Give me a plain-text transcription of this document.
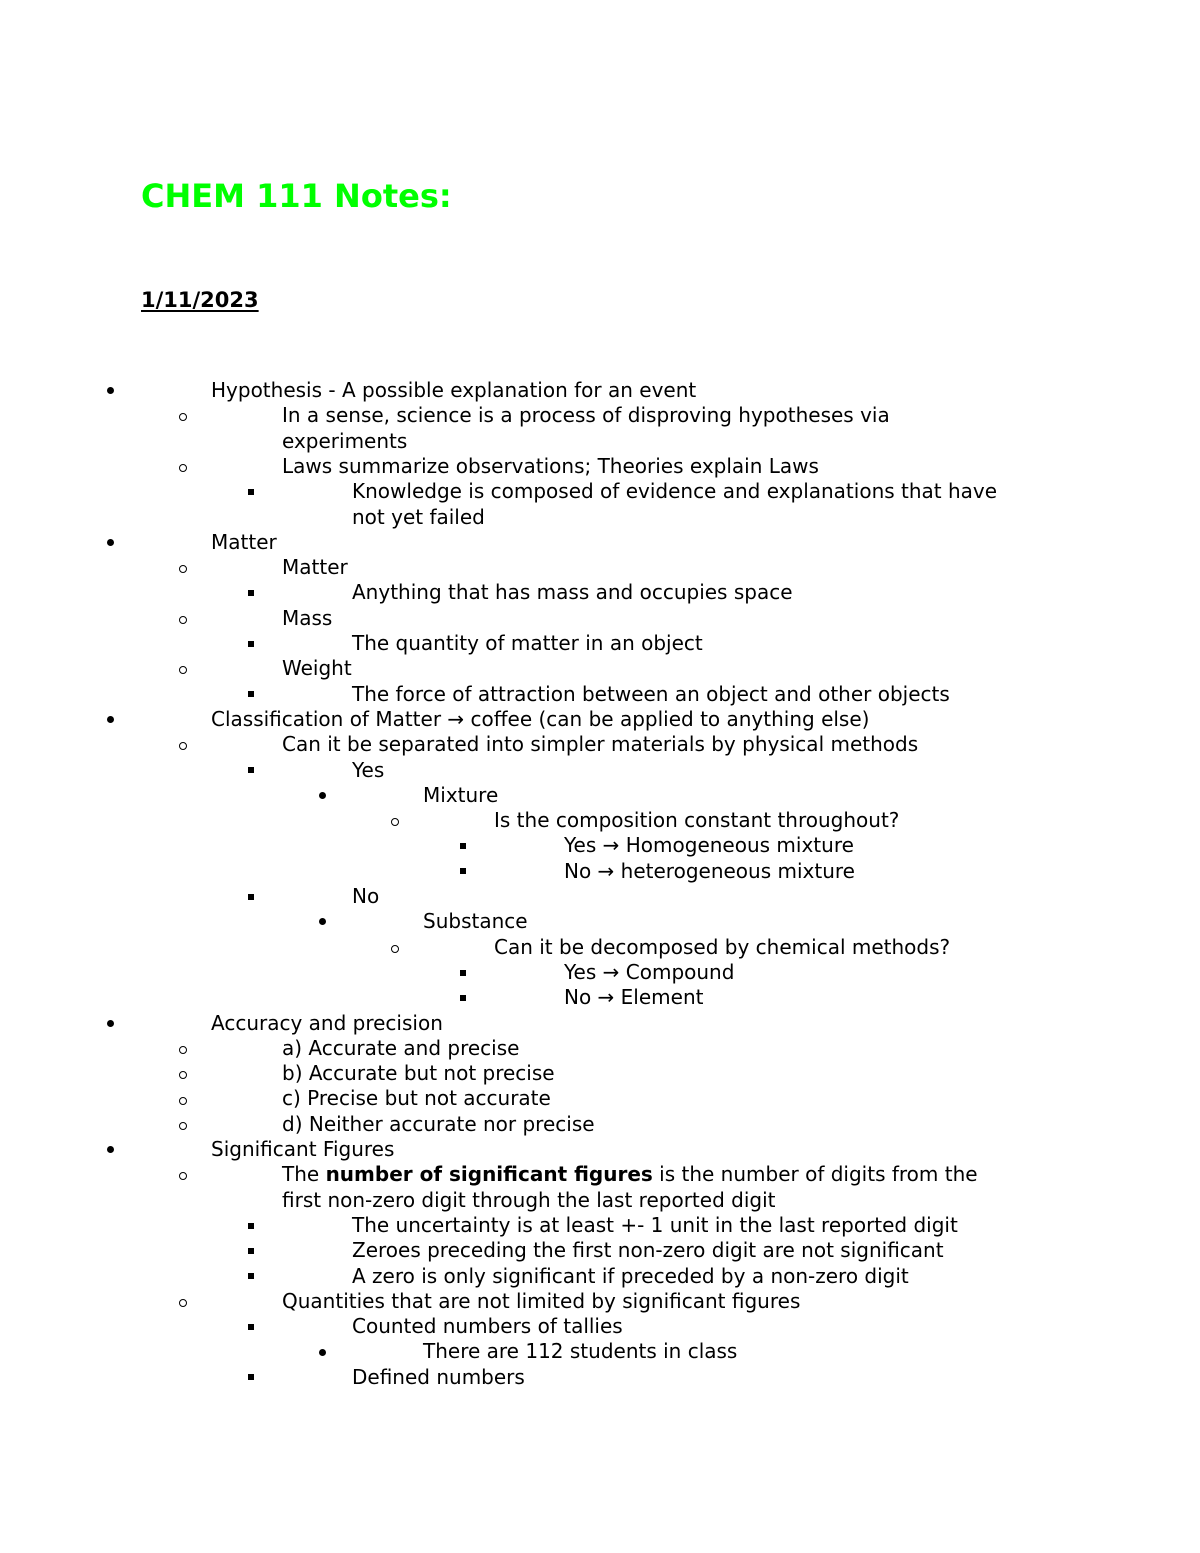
CHEM 111 Notes:
1/11/2023
Hypothesis - A possible explanation for an event
In a sense, science is a process of disproving hypotheses via
experiments
Laws summarize observations; Theories explain Laws
Knowledge is composed of evidence and explanations that have
not yet failed
Matter
Matter
Anything that has mass and occupies space
Mass
The quantity of matter in an object
Weight
The force of attraction between an object and other objects
Classification of Matter → coffee (can be applied to anything else)
Can it be separated into simpler materials by physical methods
Yes
Mixture
Is the composition constant throughout?
Yes → Homogeneous mixture
No → heterogeneous mixture
No
Substance
Can it be decomposed by chemical methods?
Yes → Compound
No → Element
Accuracy and precision
a) Accurate and precise
b) Accurate but not precise
c) Precise but not accurate
d) Neither accurate nor precise
Significant Figures
The number of significant figures is the number of digits from the
first non-zero digit through the last reported digit
The uncertainty is at least +- 1 unit in the last reported digit
Zeroes preceding the first non-zero digit are not significant
A zero is only significant if preceded by a non-zero digit
Quantities that are not limited by significant figures
Counted numbers of tallies
There are 112 students in class
Defined numbers
